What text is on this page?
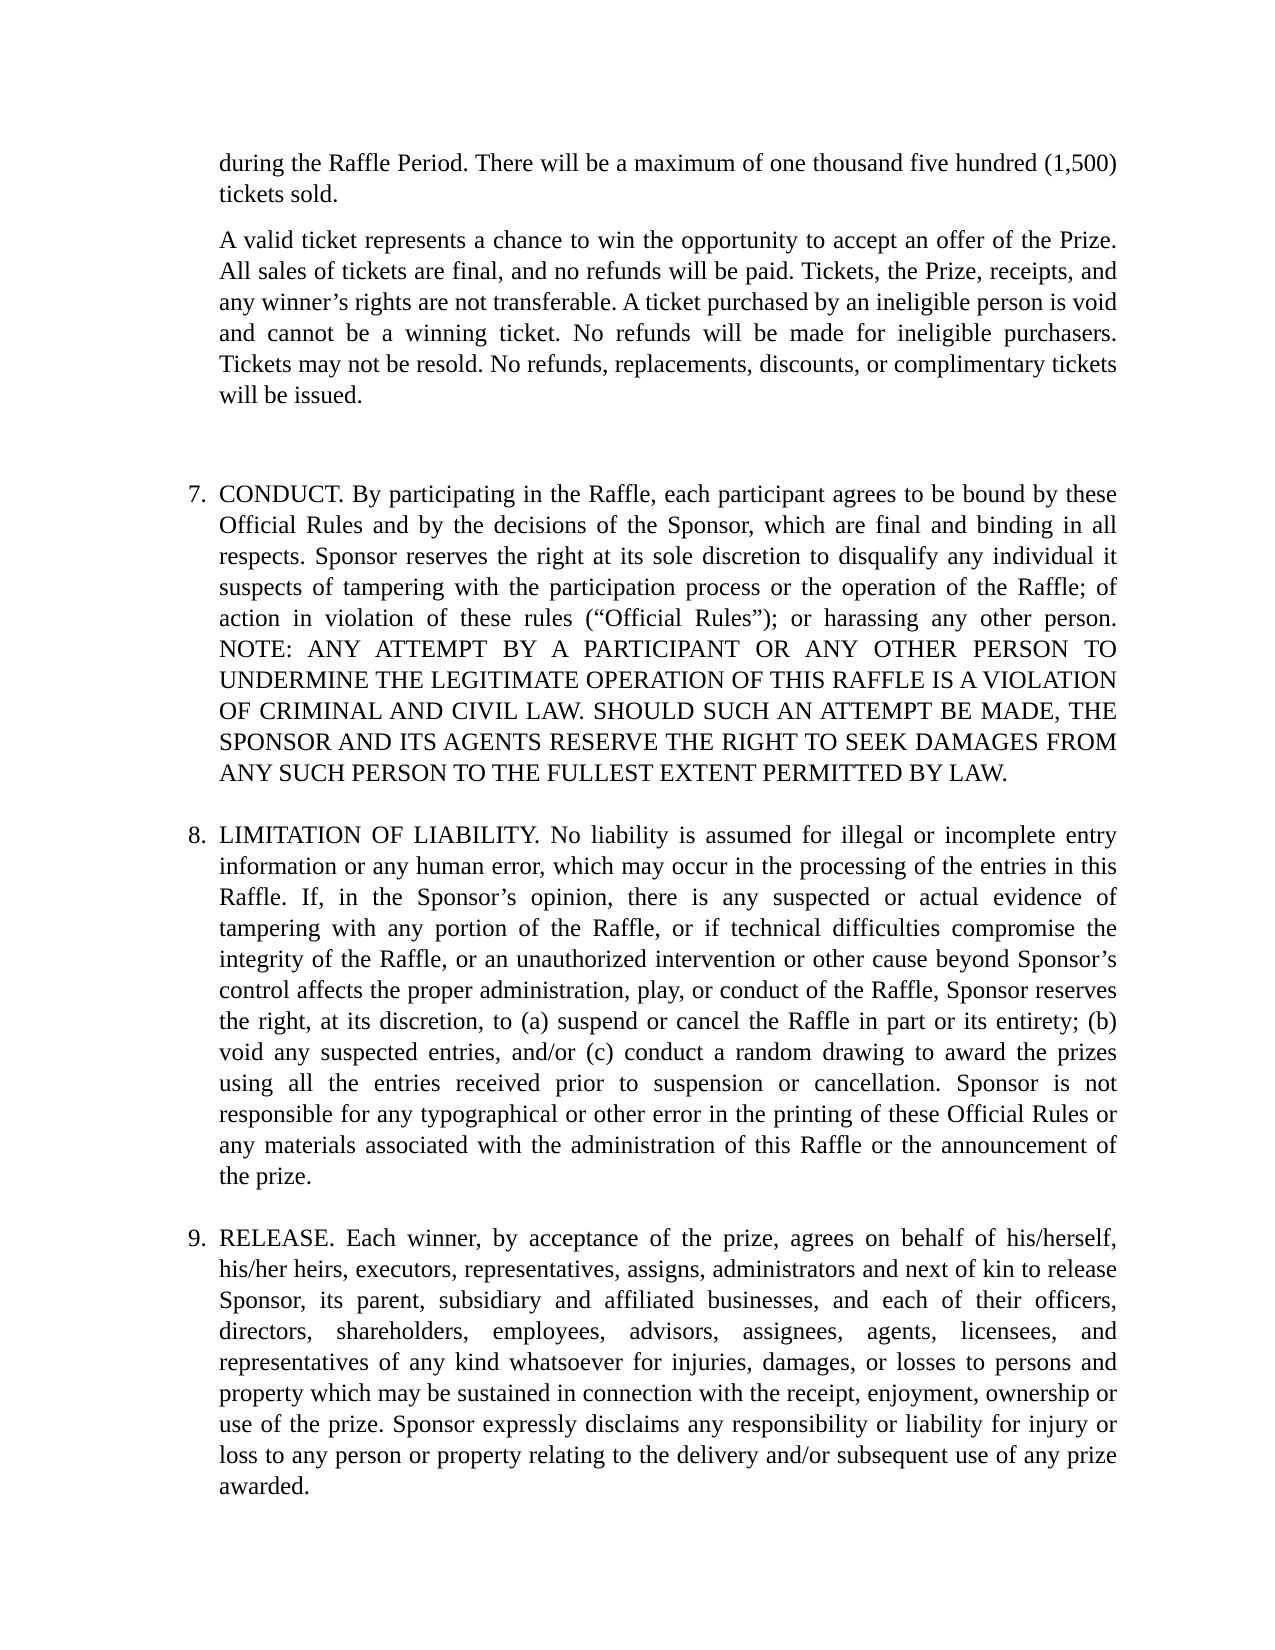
during the Raffle Period. There will be a maximum of one thousand five hundred (1,500) tickets sold.

A valid ticket represents a chance to win the opportunity to accept an offer of the Prize. All sales of tickets are final, and no refunds will be paid. Tickets, the Prize, receipts, and any winner’s rights are not transferable. A ticket purchased by an ineligible person is void and cannot be a winning ticket. No refunds will be made for ineligible purchasers. Tickets may not be resold. No refunds, replacements, discounts, or complimentary tickets will be issued.

7. CONDUCT. By participating in the Raffle, each participant agrees to be bound by these Official Rules and by the decisions of the Sponsor, which are final and binding in all respects. Sponsor reserves the right at its sole discretion to disqualify any individual it suspects of tampering with the participation process or the operation of the Raffle; of action in violation of these rules (“Official Rules”); or harassing any other person. NOTE: ANY ATTEMPT BY A PARTICIPANT OR ANY OTHER PERSON TO UNDERMINE THE LEGITIMATE OPERATION OF THIS RAFFLE IS A VIOLATION OF CRIMINAL AND CIVIL LAW. SHOULD SUCH AN ATTEMPT BE MADE, THE SPONSOR AND ITS AGENTS RESERVE THE RIGHT TO SEEK DAMAGES FROM ANY SUCH PERSON TO THE FULLEST EXTENT PERMITTED BY LAW.

8. LIMITATION OF LIABILITY. No liability is assumed for illegal or incomplete entry information or any human error, which may occur in the processing of the entries in this Raffle. If, in the Sponsor’s opinion, there is any suspected or actual evidence of tampering with any portion of the Raffle, or if technical difficulties compromise the integrity of the Raffle, or an unauthorized intervention or other cause beyond Sponsor’s control affects the proper administration, play, or conduct of the Raffle, Sponsor reserves the right, at its discretion, to (a) suspend or cancel the Raffle in part or its entirety; (b) void any suspected entries, and/or (c) conduct a random drawing to award the prizes using all the entries received prior to suspension or cancellation. Sponsor is not responsible for any typographical or other error in the printing of these Official Rules or any materials associated with the administration of this Raffle or the announcement of the prize.

9. RELEASE. Each winner, by acceptance of the prize, agrees on behalf of his/herself, his/her heirs, executors, representatives, assigns, administrators and next of kin to release Sponsor, its parent, subsidiary and affiliated businesses, and each of their officers, directors, shareholders, employees, advisors, assignees, agents, licensees, and representatives of any kind whatsoever for injuries, damages, or losses to persons and property which may be sustained in connection with the receipt, enjoyment, ownership or use of the prize. Sponsor expressly disclaims any responsibility or liability for injury or loss to any person or property relating to the delivery and/or subsequent use of any prize awarded.
